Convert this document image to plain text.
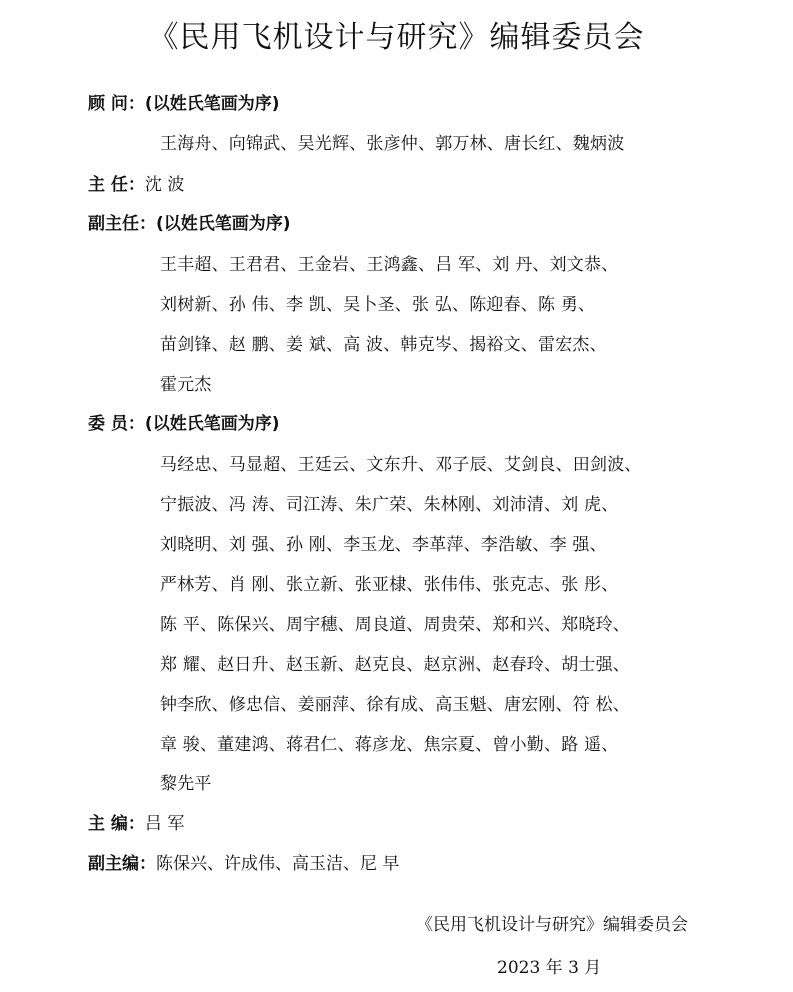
《民用飞机设计与研究》编辑委员会
顾 问：(以姓氏笔画为序)
王海舟、向锦武、吴光辉、张彦仲、郭万林、唐长红、魏炳波
主 任：沈 波
副主任：(以姓氏笔画为序)
王丰超、王君君、王金岩、王鸿鑫、吕 军、刘 丹、刘文恭、
刘树新、孙 伟、李 凯、吴卜圣、张 弘、陈迎春、陈 勇、
苗剑锋、赵 鹏、姜 斌、高 波、韩克岑、揭裕文、雷宏杰、
霍元杰
委 员：(以姓氏笔画为序)
马经忠、马显超、王廷云、文东升、邓子辰、艾剑良、田剑波、
宁振波、冯 涛、司江涛、朱广荣、朱林刚、刘沛清、刘 虎、
刘晓明、刘 强、孙 刚、李玉龙、李革萍、李浩敏、李 强、
严林芳、肖 刚、张立新、张亚棣、张伟伟、张克志、张 彤、
陈 平、陈保兴、周宇穗、周良道、周贵荣、郑和兴、郑晓玲、
郑 耀、赵日升、赵玉新、赵克良、赵京洲、赵春玲、胡士强、
钟李欣、修忠信、姜丽萍、徐有成、高玉魁、唐宏刚、符 松、
章 骏、董建鸿、蒋君仁、蒋彦龙、焦宗夏、曾小勤、路 遥、
黎先平
主 编：吕 军
副主编：陈保兴、许成伟、高玉洁、尼 早
《民用飞机设计与研究》编辑委员会
2023 年 3 月
